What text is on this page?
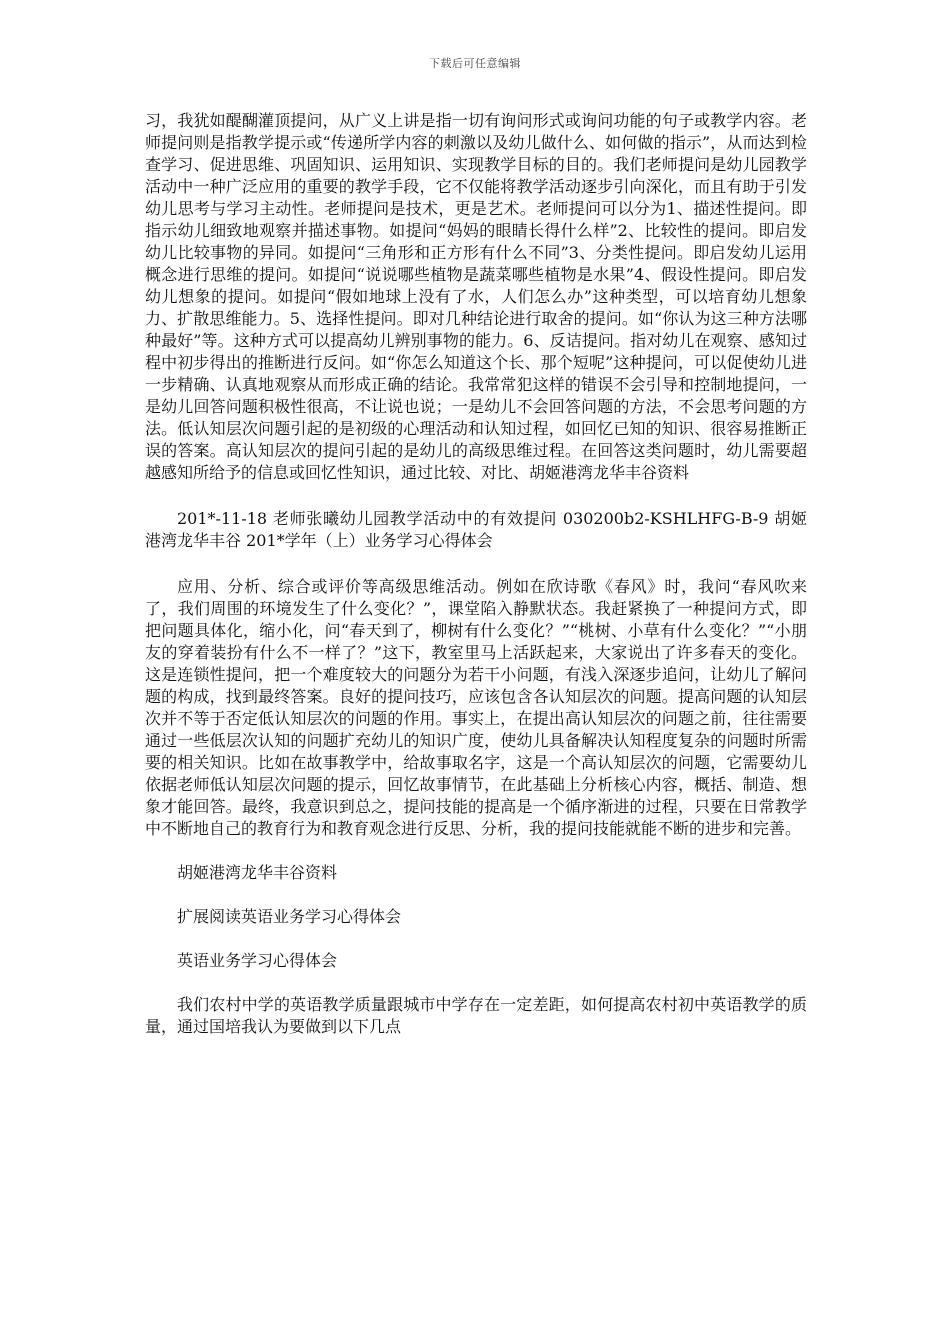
下载后可任意编辑

习，我犹如醍醐灌顶提问，从广义上讲是指一切有询问形式或询问功能的句子或教学内容。老师提问则是指教学提示或“传递所学内容的刺激以及幼儿做什么、如何做的指示”，从而达到检查学习、促进思维、巩固知识、运用知识、实现教学目标的目的。我们老师提问是幼儿园教学活动中一种广泛应用的重要的教学手段，它不仅能将教学活动逐步引向深化，而且有助于引发幼儿思考与学习主动性。老师提问是技术，更是艺术。老师提问可以分为1、描述性提问。即指示幼儿细致地观察并描述事物。如提问“妈妈的眼睛长得什么样”2、比较性的提问。即启发幼儿比较事物的异同。如提问“三角形和正方形有什么不同”3、分类性提问。即启发幼儿运用概念进行思维的提问。如提问“说说哪些植物是蔬菜哪些植物是水果”4、假设性提问。即启发幼儿想象的提问。如提问“假如地球上没有了水，人们怎么办”这种类型，可以培育幼儿想象力、扩散思维能力。5、选择性提问。即对几种结论进行取舍的提问。如“你认为这三种方法哪种最好”等。这种方式可以提高幼儿辨别事物的能力。6、反诘提问。指对幼儿在观察、感知过程中初步得出的推断进行反问。如“你怎么知道这个长、那个短呢”这种提问，可以促使幼儿进一步精确、认真地观察从而形成正确的结论。我常常犯这样的错误不会引导和控制地提问，一是幼儿回答问题积极性很高，不让说也说；一是幼儿不会回答问题的方法，不会思考问题的方法。低认知层次问题引起的是初级的心理活动和认知过程，如回忆已知的知识、很容易推断正误的答案。高认知层次的提问引起的是幼儿的高级思维过程。在回答这类问题时，幼儿需要超越感知所给予的信息或回忆性知识，通过比较、对比、胡姬港湾龙华丰谷资料

201*-11-18 老师张曦幼儿园教学活动中的有效提问 030200b2-KSHLHFG-B-9 胡姬港湾龙华丰谷 201*学年（上）业务学习心得体会

应用、分析、综合或评价等高级思维活动。例如在欣诗歌《春风》时，我问“春风吹来了，我们周围的环境发生了什么变化？”，课堂陷入静默状态。我赶紧换了一种提问方式，即把问题具体化，缩小化，问“春天到了，柳树有什么变化？”“桃树、小草有什么变化？”“小朋友的穿着装扮有什么不一样了？”这下，教室里马上活跃起来，大家说出了许多春天的变化。这是连锁性提问，把一个难度较大的问题分为若干小问题，有浅入深逐步追问，让幼儿了解问题的构成，找到最终答案。良好的提问技巧，应该包含各认知层次的问题。提高问题的认知层次并不等于否定低认知层次的问题的作用。事实上，在提出高认知层次的问题之前，往往需要通过一些低层次认知的问题扩充幼儿的知识广度，使幼儿具备解决认知程度复杂的问题时所需要的相关知识。比如在故事教学中，给故事取名字，这是一个高认知层次的问题，它需要幼儿依据老师低认知层次问题的提示，回忆故事情节，在此基础上分析核心内容，概括、制造、想象才能回答。最终，我意识到总之，提问技能的提高是一个循序渐进的过程，只要在日常教学中不断地自己的教育行为和教育观念进行反思、分析，我的提问技能就能不断的进步和完善。

胡姬港湾龙华丰谷资料

扩展阅读英语业务学习心得体会

英语业务学习心得体会

我们农村中学的英语教学质量跟城市中学存在一定差距，如何提高农村初中英语教学的质量，通过国培我认为要做到以下几点
